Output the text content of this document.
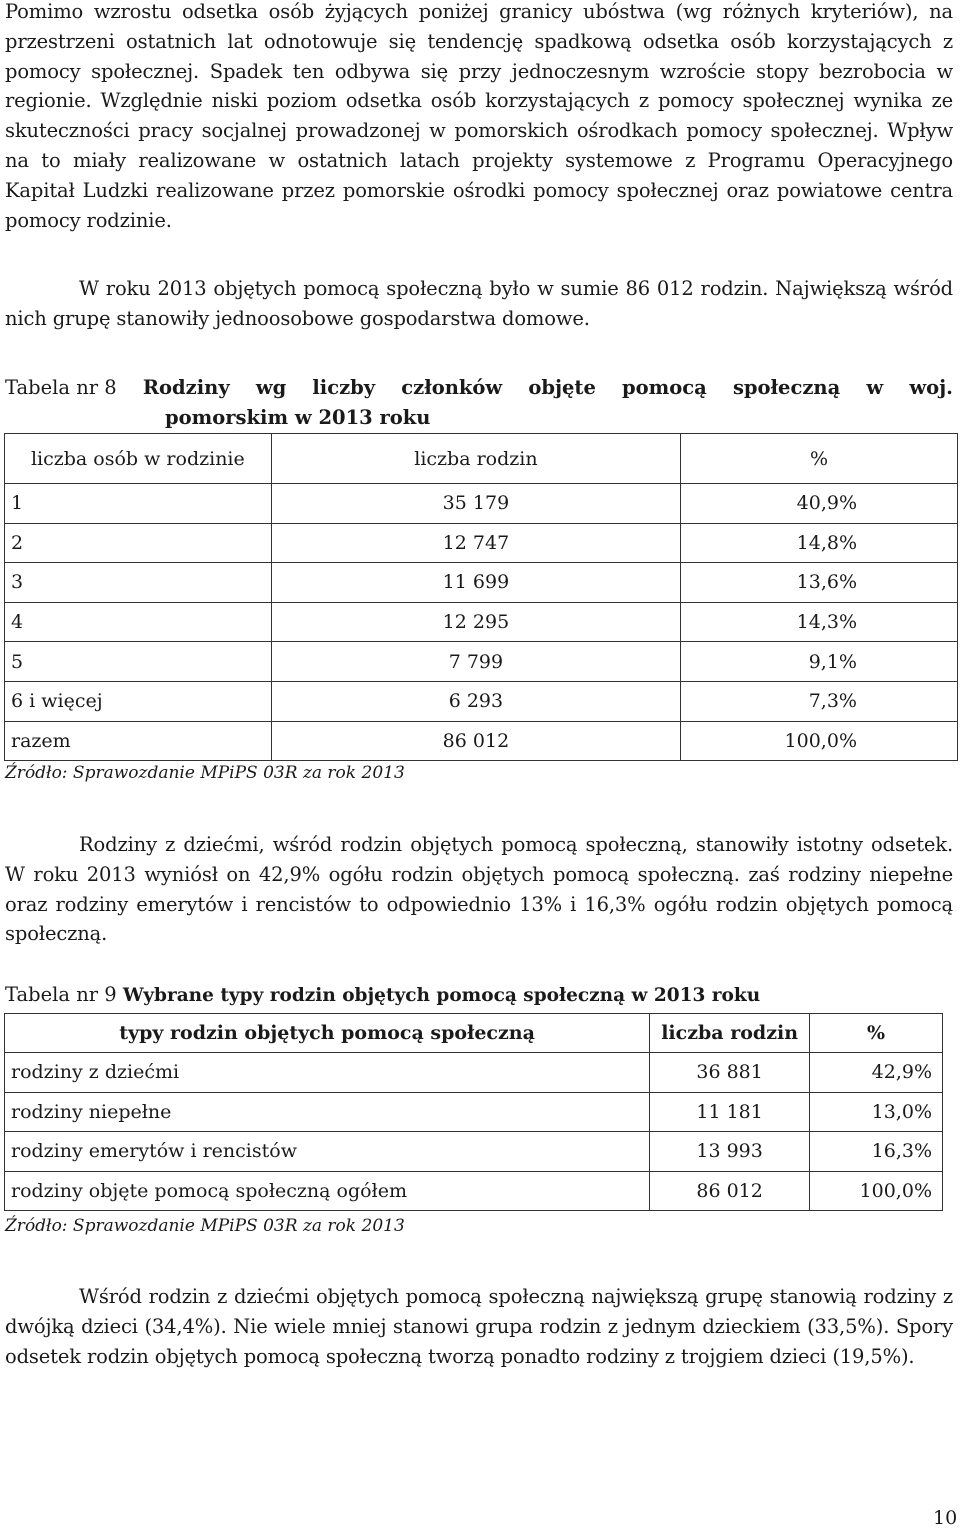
Pomimo wzrostu odsetka osób żyjących poniżej granicy ubóstwa (wg różnych kryteriów), na przestrzeni ostatnich lat odnotowuje się tendencję spadkową odsetka osób korzystających z pomocy społecznej. Spadek ten odbywa się przy jednoczesnym wzroście stopy bezrobocia w regionie. Względnie niski poziom odsetka osób korzystających z pomocy społecznej wynika ze skuteczności pracy socjalnej prowadzonej w pomorskich ośrodkach pomocy społecznej. Wpływ na to miały realizowane w ostatnich latach projekty systemowe z Programu Operacyjnego Kapitał Ludzki realizowane przez pomorskie ośrodki pomocy społecznej oraz powiatowe centra pomocy rodzinie.

W roku 2013 objętych pomocą społeczną było w sumie 86 012 rodzin. Największą wśród nich grupę stanowiły jednoosobowe gospodarstwa domowe.

Tabela nr 8 Rodziny wg liczby członków objęte pomocą społeczną w woj.
pomorskim w 2013 roku
liczba osób w rodzinie	liczba rodzin	%
1	35 179	40,9%
2	12 747	14,8%
3	11 699	13,6%
4	12 295	14,3%
5	7 799	9,1%
6 i więcej	6 293	7,3%
razem	86 012	100,0%

Źródło: Sprawozdanie MPiPS 03R za rok 2013

Rodziny z dziećmi, wśród rodzin objętych pomocą społeczną, stanowiły istotny odsetek. W roku 2013 wyniósł on 42,9% ogółu rodzin objętych pomocą społeczną. zaś rodziny niepełne oraz rodziny emerytów i rencistów to odpowiednio 13% i 16,3% ogółu rodzin objętych pomocą społeczną.

Tabela nr 9 Wybrane typy rodzin objętych pomocą społeczną w 2013 roku

typy rodzin objętych pomocą społeczną	liczba rodzin	%
rodziny z dziećmi	36 881	42,9%
rodziny niepełne	11 181	13,0%
rodziny emerytów i rencistów	13 993	16,3%
rodziny objęte pomocą społeczną ogółem	86 012	100,0%

Źródło: Sprawozdanie MPiPS 03R za rok 2013

Wśród rodzin z dziećmi objętych pomocą społeczną największą grupę stanowią rodziny z dwójką dzieci (34,4%). Nie wiele mniej stanowi grupa rodzin z jednym dzieckiem (33,5%). Spory odsetek rodzin objętych pomocą społeczną tworzą ponadto rodziny z trojgiem dzieci (19,5%).

10
